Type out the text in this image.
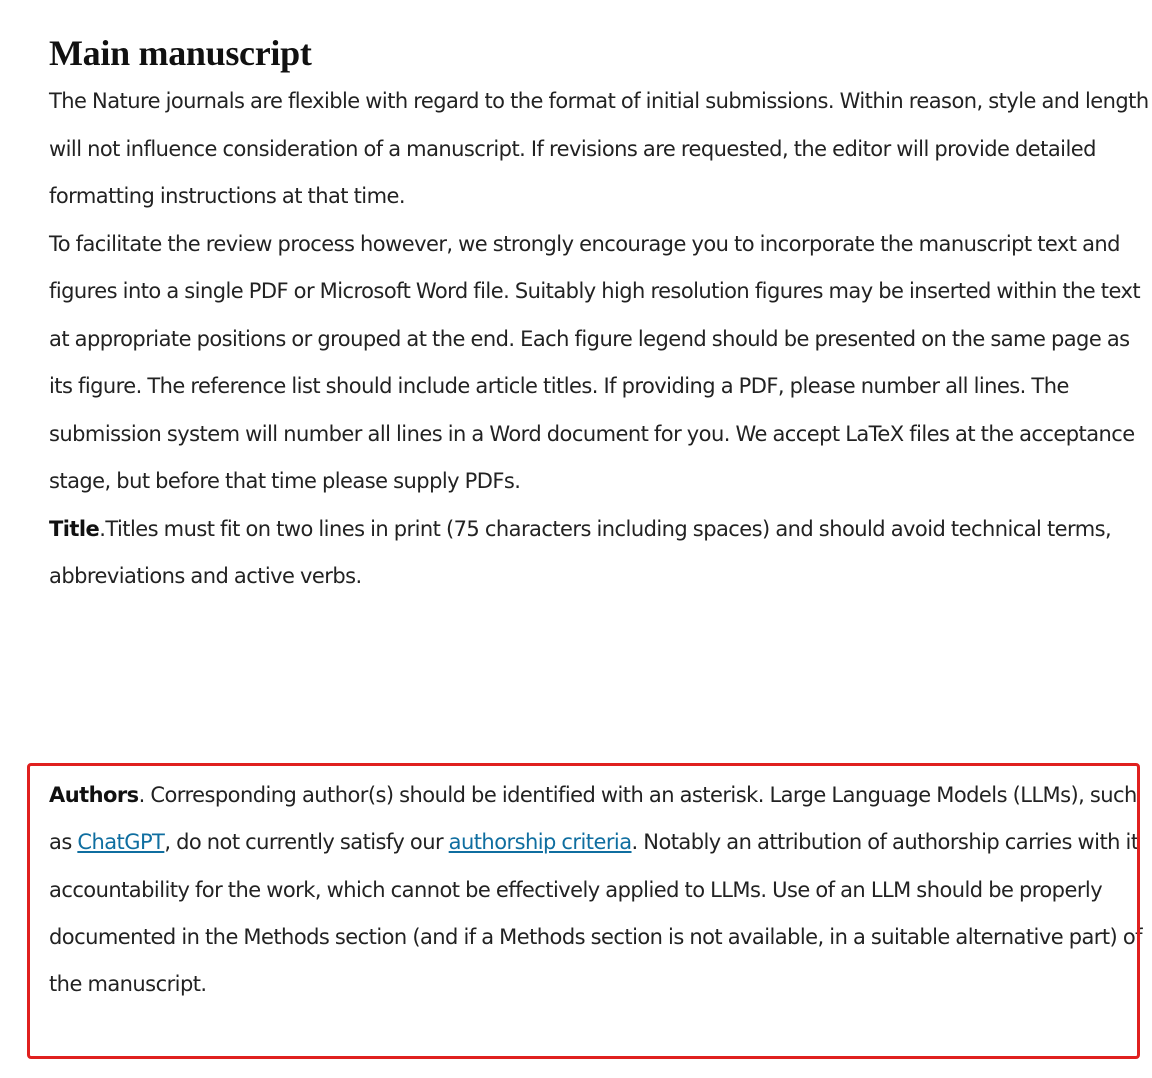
Main manuscript

The Nature journals are flexible with regard to the format of initial submissions. Within reason, style and length will not influence consideration of a manuscript. If revisions are requested, the editor will provide detailed formatting instructions at that time.

To facilitate the review process however, we strongly encourage you to incorporate the manuscript text and figures into a single PDF or Microsoft Word file. Suitably high resolution figures may be inserted within the text at appropriate positions or grouped at the end. Each figure legend should be presented on the same page as its figure. The reference list should include article titles. If providing a PDF, please number all lines. The submission system will number all lines in a Word document for you. We accept LaTeX files at the acceptance stage, but before that time please supply PDFs.

Title.Titles must fit on two lines in print (75 characters including spaces) and should avoid technical terms, abbreviations and active verbs.

Authors. Corresponding author(s) should be identified with an asterisk. Large Language Models (LLMs), such as ChatGPT, do not currently satisfy our authorship criteria. Notably an attribution of authorship carries with it accountability for the work, which cannot be effectively applied to LLMs. Use of an LLM should be properly documented in the Methods section (and if a Methods section is not available, in a suitable alternative part) of the manuscript.
